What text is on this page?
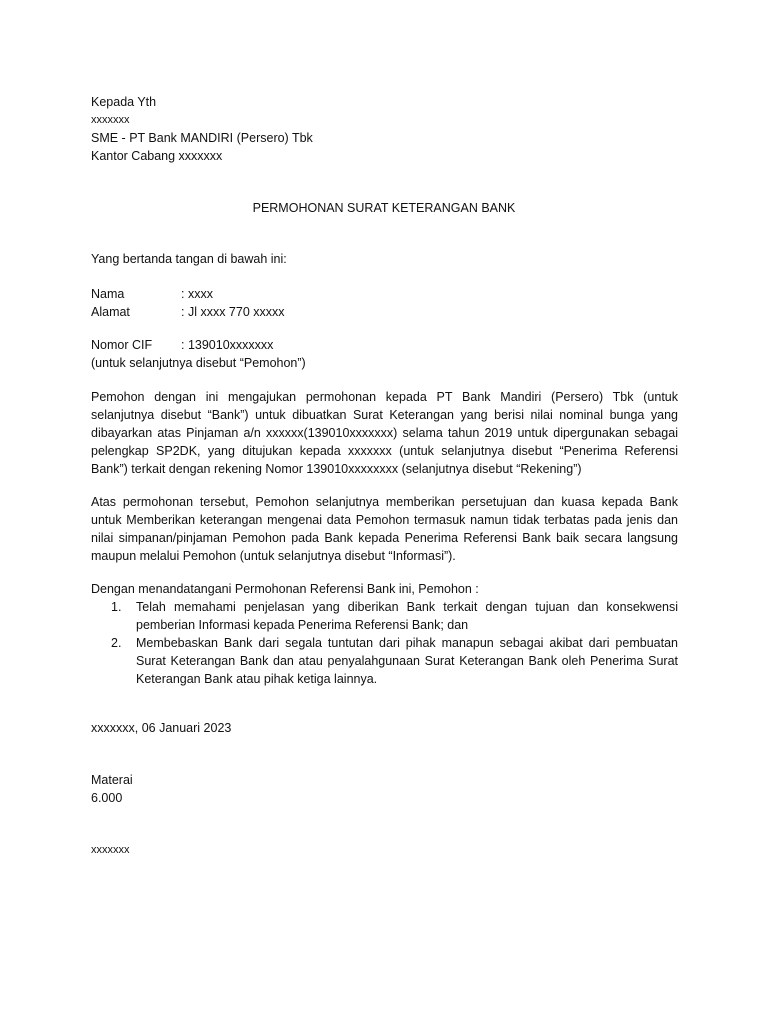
Kepada Yth
xxxxxxx
SME - PT Bank MANDIRI (Persero) Tbk
Kantor Cabang xxxxxxx
PERMOHONAN SURAT KETERANGAN BANK
Yang bertanda tangan di bawah ini:
Nama	: xxxx
Alamat	: Jl xxxx 770 xxxxx
Nomor CIF : 139010xxxxxxx
(untuk selanjutnya disebut “Pemohon”)
Pemohon dengan ini mengajukan permohonan kepada PT Bank Mandiri (Persero) Tbk (untuk
selanjutnya disebut “Bank”) untuk dibuatkan Surat Keterangan yang berisi nilai nominal bunga yang
dibayarkan atas Pinjaman a/n xxxxxx(139010xxxxxxx) selama tahun 2019 untuk dipergunakan sebagai
pelengkap SP2DK, yang ditujukan kepada xxxxxxx (untuk selanjutnya disebut “Penerima Referensi
Bank”) terkait dengan rekening Nomor 139010xxxxxxxx (selanjutnya disebut “Rekening”)
Atas permohonan tersebut, Pemohon selanjutnya memberikan persetujuan dan kuasa kepada Bank
untuk Memberikan keterangan mengenai data Pemohon termasuk namun tidak terbatas pada jenis dan
nilai simpanan/pinjaman Pemohon pada Bank kepada Penerima Referensi Bank baik secara langsung
maupun melalui Pemohon (untuk selanjutnya disebut “Informasi”).
Dengan menandatangani Permohonan Referensi Bank ini, Pemohon :
1. Telah memahami penjelasan yang diberikan Bank terkait dengan tujuan dan konsekwensi
pemberian Informasi kepada Penerima Referensi Bank; dan
2. Membebaskan Bank dari segala tuntutan dari pihak manapun sebagai akibat dari pembuatan
Surat Keterangan Bank dan atau penyalahgunaan Surat Keterangan Bank oleh Penerima Surat
Keterangan Bank atau pihak ketiga lainnya.
xxxxxxx, 06 Januari 2023
Materai
6.000
xxxxxxx
